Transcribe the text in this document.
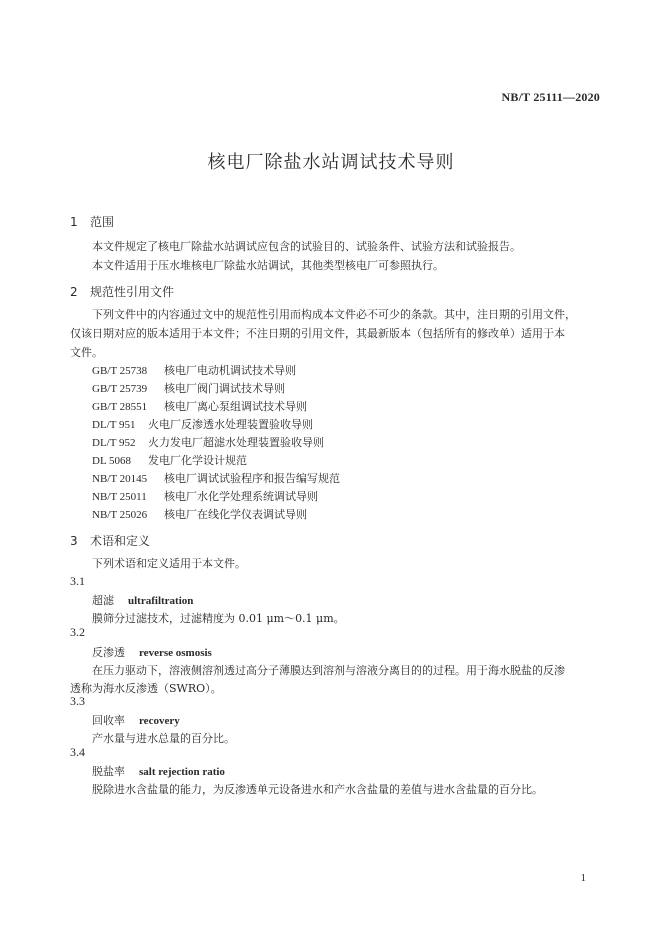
NB/T 25111—2020
核电厂除盐水站调试技术导则
1 范围
本文件规定了核电厂除盐水站调试应包含的试验目的、试验条件、试验方法和试验报告。
本文件适用于压水堆核电厂除盐水站调试，其他类型核电厂可参照执行。
2 规范性引用文件
下列文件中的内容通过文中的规范性引用而构成本文件必不可少的条款。其中，注日期的引用文件，
仅该日期对应的版本适用于本文件；不注日期的引用文件，其最新版本（包括所有的修改单）适用于本
文件。
GB/T 25738 核电厂电动机调试技术导则
GB/T 25739 核电厂阀门调试技术导则
GB/T 28551 核电厂离心泵组调试技术导则
DL/T 951 火电厂反渗透水处理装置验收导则
DL/T 952 火力发电厂超滤水处理装置验收导则
DL 5068 发电厂化学设计规范
NB/T 20145 核电厂调试试验程序和报告编写规范
NB/T 25011 核电厂水化学处理系统调试导则
NB/T 25026 核电厂在线化学仪表调试导则
3 术语和定义
下列术语和定义适用于本文件。
3.1
超滤 ultrafiltration
膜筛分过滤技术，过滤精度为 0.01 μm～0.1 μm。
3.2
反渗透 reverse osmosis
在压力驱动下，溶液侧溶剂透过高分子薄膜达到溶剂与溶液分离目的的过程。用于海水脱盐的反渗
透称为海水反渗透（SWRO）。
3.3
回收率 recovery
产水量与进水总量的百分比。
3.4
脱盐率 salt rejection ratio
脱除进水含盐量的能力，为反渗透单元设备进水和产水含盐量的差值与进水含盐量的百分比。
1
